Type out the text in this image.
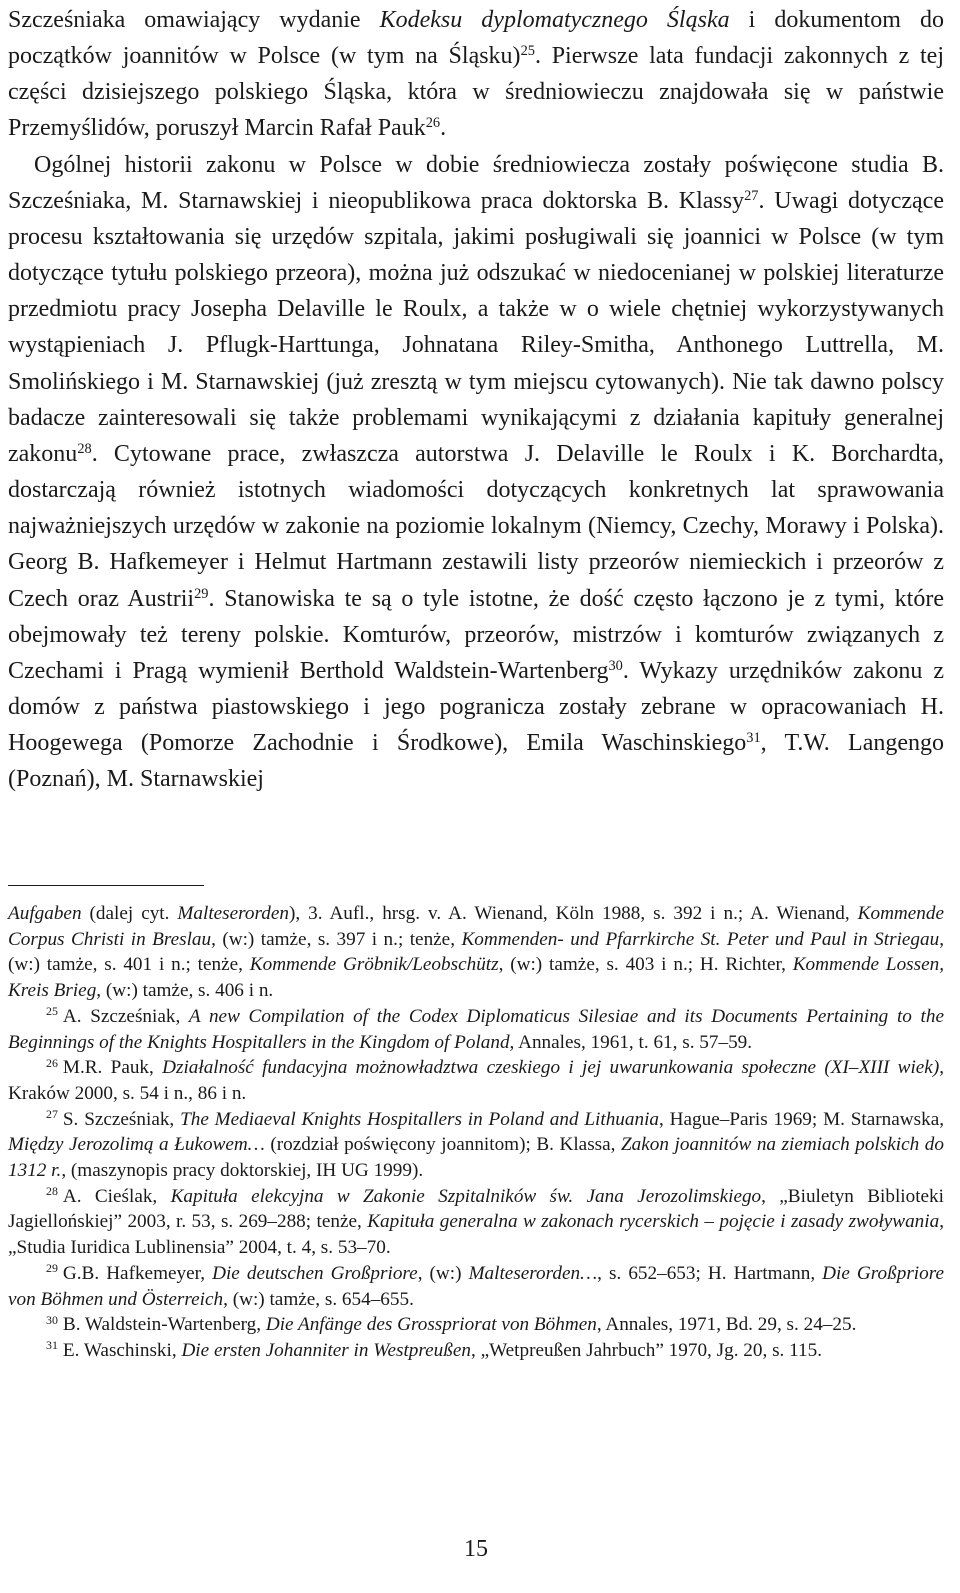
Szcześniaka omawiający wydanie Kodeksu dyplomatycznego Śląska i dokumentom do początków joannitów w Polsce (w tym na Śląsku)$^{25}$. Pierwsze lata fundacji zakonnych z tej części dzisiejszego polskiego Śląska, która w średniowieczu znajdowała się w państwie Przemyślidów, poruszył Marcin Rafał Pauk$^{26}$.
Ogólnej historii zakonu w Polsce w dobie średniowiecza zostały poświęcone studia B. Szcześniaka, M. Starnawskiej i nieopublikowa praca doktorska B. Klassy$^{27}$. Uwagi dotyczące procesu kształtowania się urzędów szpitala, jakimi posługiwali się joannici w Polsce (w tym dotyczące tytułu polskiego przeora), można już odszukać w niedocenianej w polskiej literaturze przedmiotu pracy Josepha Delaville le Roulx, a także w o wiele chętniej wykorzystywanych wystąpieniach J. Pflugk-Harttunga, Johnatana Riley-Smitha, Anthonego Luttrella, M. Smolińskiego i M. Starnawskiej (już zresztą w tym miejscu cytowanych). Nie tak dawno polscy badacze zainteresowali się także problemami wynikającymi z działania kapituły generalnej zakonu$^{28}$. Cytowane prace, zwłaszcza autorstwa J. Delaville le Roulx i K. Borchardta, dostarczają również istotnych wiadomości dotyczących konkretnych lat sprawowania najważniejszych urzędów w zakonie na poziomie lokalnym (Niemcy, Czechy, Morawy i Polska). Georg B. Hafkemeyer i Helmut Hartmann zestawili listy przeorów niemieckich i przeorów z Czech oraz Austrii$^{29}$. Stanowiska te są o tyle istotne, że dość często łączono je z tymi, które obejmowały też tereny polskie. Komturów, przeorów, mistrzów i komturów związanych z Czechami i Pragą wymienił Berthold Waldstein-Wartenberg$^{30}$. Wykazy urzędników zakonu z domów z państwa piastowskiego i jego pogranicza zostały zebrane w opracowaniach H. Hoogewega (Pomorze Zachodnie i Środkowe), Emila Waschinskiego$^{31}$, T.W. Langengo (Poznań), M. Starnawskiej

Aufgaben (dalej cyt. Malteserorden), 3. Aufl., hrsg. v. A. Wienand, Köln 1988, s. 392 i n.; A. Wienand, Kommende Corpus Christi in Breslau, (w:) tamże, s. 397 i n.; tenże, Kommenden- und Pfarrkirche St. Peter und Paul in Striegau, (w:) tamże, s. 401 i n.; tenże, Kommende Gröbnik/Leobschütz, (w:) tamże, s. 403 i n.; H. Richter, Kommende Lossen, Kreis Brieg, (w:) tamże, s. 406 i n.

$^{25}$ A. Szcześniak, A new Compilation of the Codex Diplomaticus Silesiae and its Documents Pertaining to the Beginnings of the Knights Hospitallers in the Kingdom of Poland, Annales, 1961, t. 61, s. 57–59.

$^{26}$ M.R. Pauk, Działalność fundacyjna możnowładztwa czeskiego i jej uwarunkowania społeczne (XI–XIII wiek), Kraków 2000, s. 54 i n., 86 i n.

$^{27}$ S. Szcześniak, The Mediaeval Knights Hospitallers in Poland and Lithuania, Hague–Paris 1969; M. Starnawska, Między Jerozolimą a Łukowem… (rozdział poświęcony joannitom); B. Klassa, Zakon joannitów na ziemiach polskich do 1312 r., (maszynopis pracy doktorskiej, IH UG 1999).

$^{28}$ A. Cieślak, Kapituła elekcyjna w Zakonie Szpitalników św. Jana Jerozolimskiego, „Biuletyn Biblioteki Jagiellońskiej” 2003, r. 53, s. 269–288; tenże, Kapituła generalna w zakonach rycerskich – pojęcie i zasady zwoływania, „Studia Iuridica Lublinensia” 2004, t. 4, s. 53–70.

$^{29}$ G.B. Hafkemeyer, Die deutschen Großpriore, (w:) Malteserorden…, s. 652–653; H. Hartmann, Die Großpriore von Böhmen und Österreich, (w:) tamże, s. 654–655.

$^{30}$ B. Waldstein-Wartenberg, Die Anfänge des Grosspriorat von Böhmen, Annales, 1971, Bd. 29, s. 24–25.

$^{31}$ E. Waschinski, Die ersten Johanniter in Westpreußen, „Wetpreußen Jahrbuch” 1970, Jg. 20, s. 115.

15
